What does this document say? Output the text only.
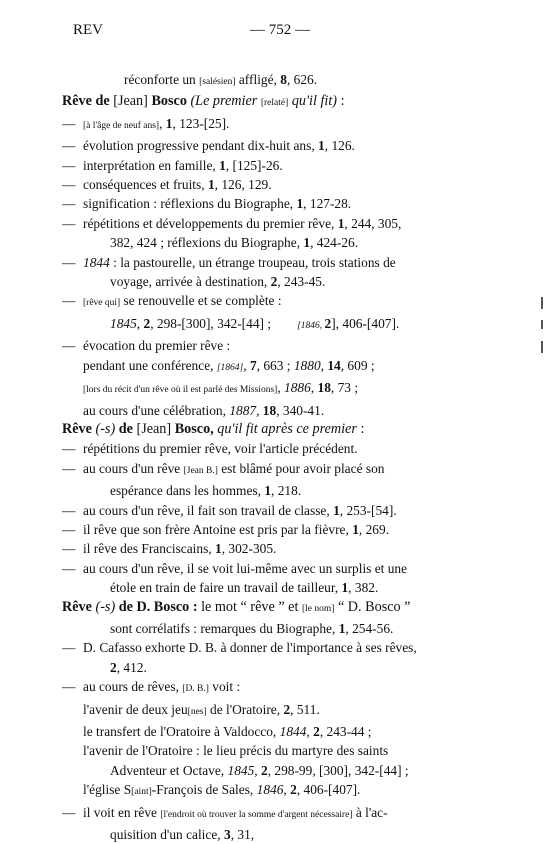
REV	— 752 —
réconforte un [salésien] affligé, 8, 626.
Rêve de [Jean] Bosco (Le premier [relaté] qu'il fit) :
— [à l'âge de neuf ans], 1, 123-[25].
— évolution progressive pendant dix-huit ans, 1, 126.
— interprétation en famille, 1, [125]-26.
— conséquences et fruits, 1, 126, 129.
— signification : réflexions du Biographe, 1, 127-28.
— répétitions et développements du premier rêve, 1, 244, 305,
382, 424 ; réflexions du Biographe, 1, 424-26.
— 1844 : la pastourelle, un étrange troupeau, trois stations de
voyage, arrivée à destination, 2, 243-45.
— [rêve qui] se renouvelle et se complète :
1845, 2, 298-[300], 342-[44] ;	[1846, 2], 406-[407].
— évocation du premier rêve :
pendant une conférence, [1864], 7, 663 ; 1880, 14, 609 ;
[lors du récit d'un rêve où il est parlé des Missions], 1886, 18, 73 ;
au cours d'une célébration, 1887, 18, 340-41.
Rêve (-s) de [Jean] Bosco, qu'il fit après ce premier :
— répétitions du premier rêve, voir l'article précédent.
— au cours d'un rêve [Jean B.] est blâmé pour avoir placé son
espérance dans les hommes, 1, 218.
— au cours d'un rêve, il fait son travail de classe, 1, 253-[54].
— il rêve que son frère Antoine est pris par la fièvre, 1, 269.
— il rêve des Franciscains, 1, 302-305.
— au cours d'un rêve, il se voit lui-même avec un surplis et une
étole en train de faire un travail de tailleur, 1, 382.
Rêve (-s) de D. Bosco : le mot “ rêve ” et [le nom] “ D. Bosco ”
sont corrélatifs : remarques du Biographe, 1, 254-56.
— D. Cafasso exhorte D. B. à donner de l'importance à ses rêves,
2, 412.
— au cours de rêves, [D. B.] voit :
l'avenir de deux jeu[nes] de l'Oratoire, 2, 511.
le transfert de l'Oratoire à Valdocco, 1844, 2, 243-44 ;
l'avenir de l'Oratoire : le lieu précis du martyre des saints
Adventeur et Octave, 1845, 2, 298-99, [300], 342-[44] ;
l'église S[aint]-François de Sales, 1846, 2, 406-[407].
— il voit en rêve [l'endroit où trouver la somme d'argent nécessaire] à l'ac-
quisition d'un calice, 3, 31,
